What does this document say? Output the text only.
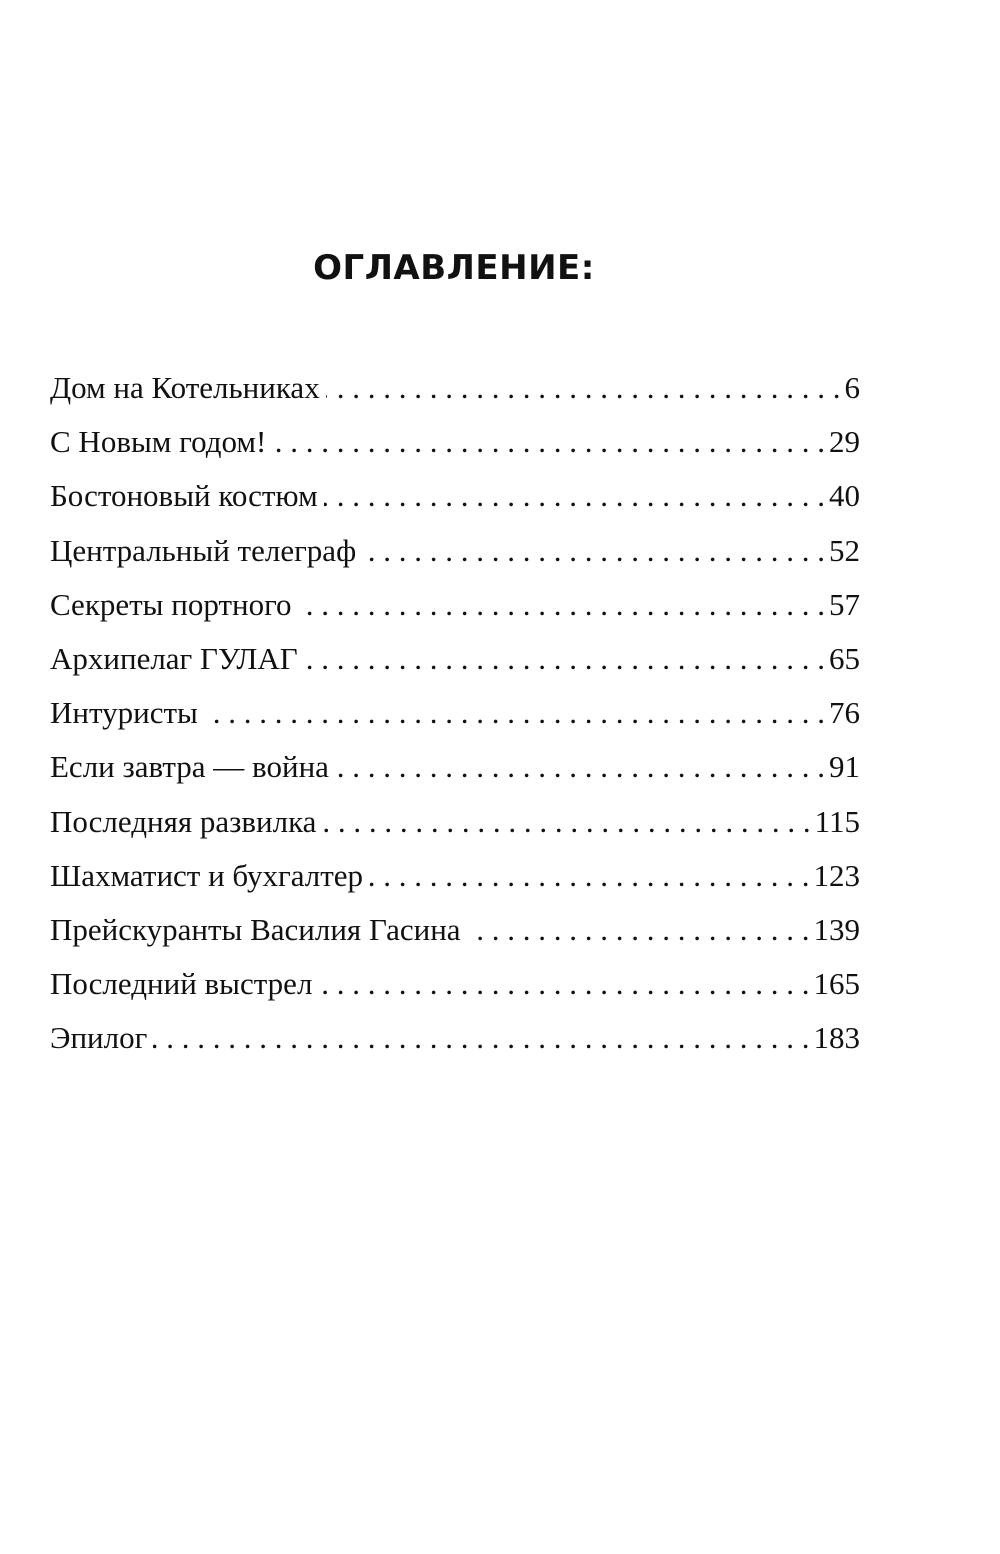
ОГЛАВЛЕНИЕ:
Дом на Котельниках . . .	6
С Новым годом! . . .	29
Бостоновый костюм . . .	40
Центральный телеграф . . .	52
Секреты портного . . .	57
Архипелаг ГУЛАГ . . .	65
Интуристы . . .	76
Если завтра — война . . .	91
Последняя развилка . . .	115
Шахматист и бухгалтер . . .	123
Прейскуранты Василия Гасина . . .	139
Последний выстрел . . .	165
Эпилог . . .	183
